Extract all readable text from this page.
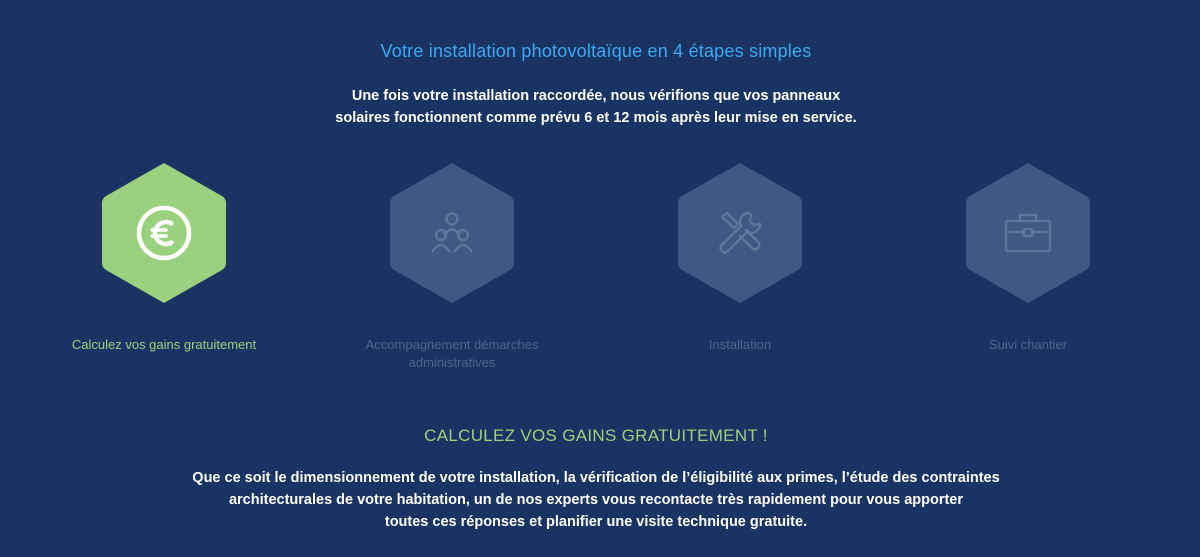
Votre installation photovoltaïque en 4 étapes simples
Une fois votre installation raccordée, nous vérifions que vos panneaux
solaires fonctionnent comme prévu 6 et 12 mois après leur mise en service.
Calculez vos gains gratuitement	Accompagnement démarches
administratives
Installation	Suivi chantier
CALCULEZ VOS GAINS GRATUITEMENT !
Que ce soit le dimensionnement de votre installation, la vérification de l’éligibilité aux primes, l’étude des contraintes
architecturales de votre habitation, un de nos experts vous recontacte très rapidement pour vous apporter
toutes ces réponses et planifier une visite technique gratuite.
